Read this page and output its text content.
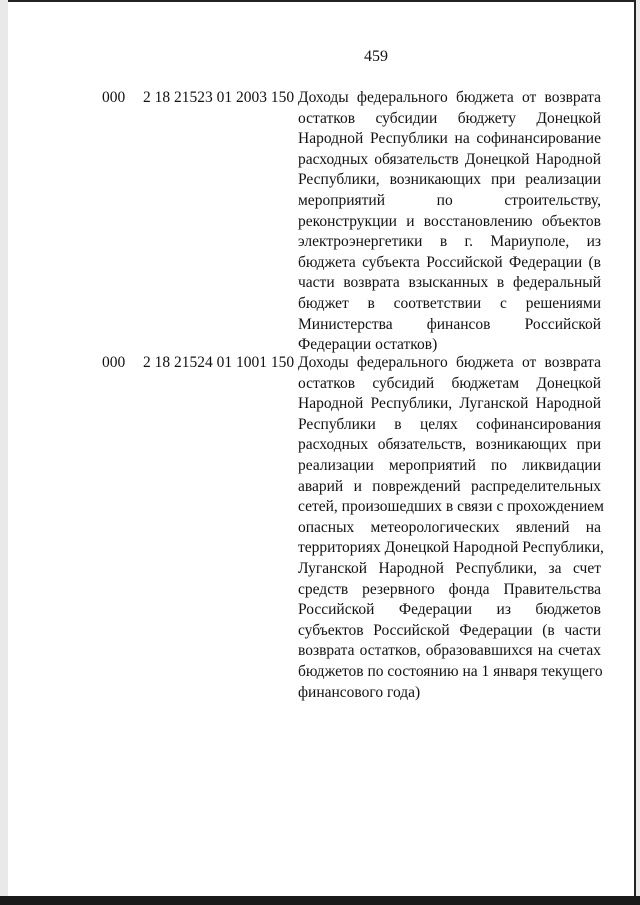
459
000 2 18 21523 01 2003 150 Доходы федерального бюджета от возврата
остатков субсидии бюджету Донецкой
Народной Республики на софинансирование
расходных обязательств Донецкой Народной
Республики, возникающих при реализации
мероприятий по строительству,
реконструкции и восстановлению объектов
электроэнергетики в г. Мариуполе, из
бюджета субъекта Российской Федерации (в
части возврата взысканных в федеральный
бюджет в соответствии с решениями
Министерства финансов Российской
Федерации остатков)
000 2 18 21524 01 1001 150 Доходы федерального бюджета от возврата
остатков субсидий бюджетам Донецкой
Народной Республики, Луганской Народной
Республики в целях софинансирования
расходных обязательств, возникающих при
реализации мероприятий по ликвидации
аварий и повреждений распределительных
сетей, произошедших в связи с прохождением
опасных метеорологических явлений на
территориях Донецкой Народной Республики,
Луганской Народной Республики, за счет
средств резервного фонда Правительства
Российской Федерации из бюджетов
субъектов Российской Федерации (в части
возврата остатков, образовавшихся на счетах
бюджетов по состоянию на 1 января текущего
финансового года)
